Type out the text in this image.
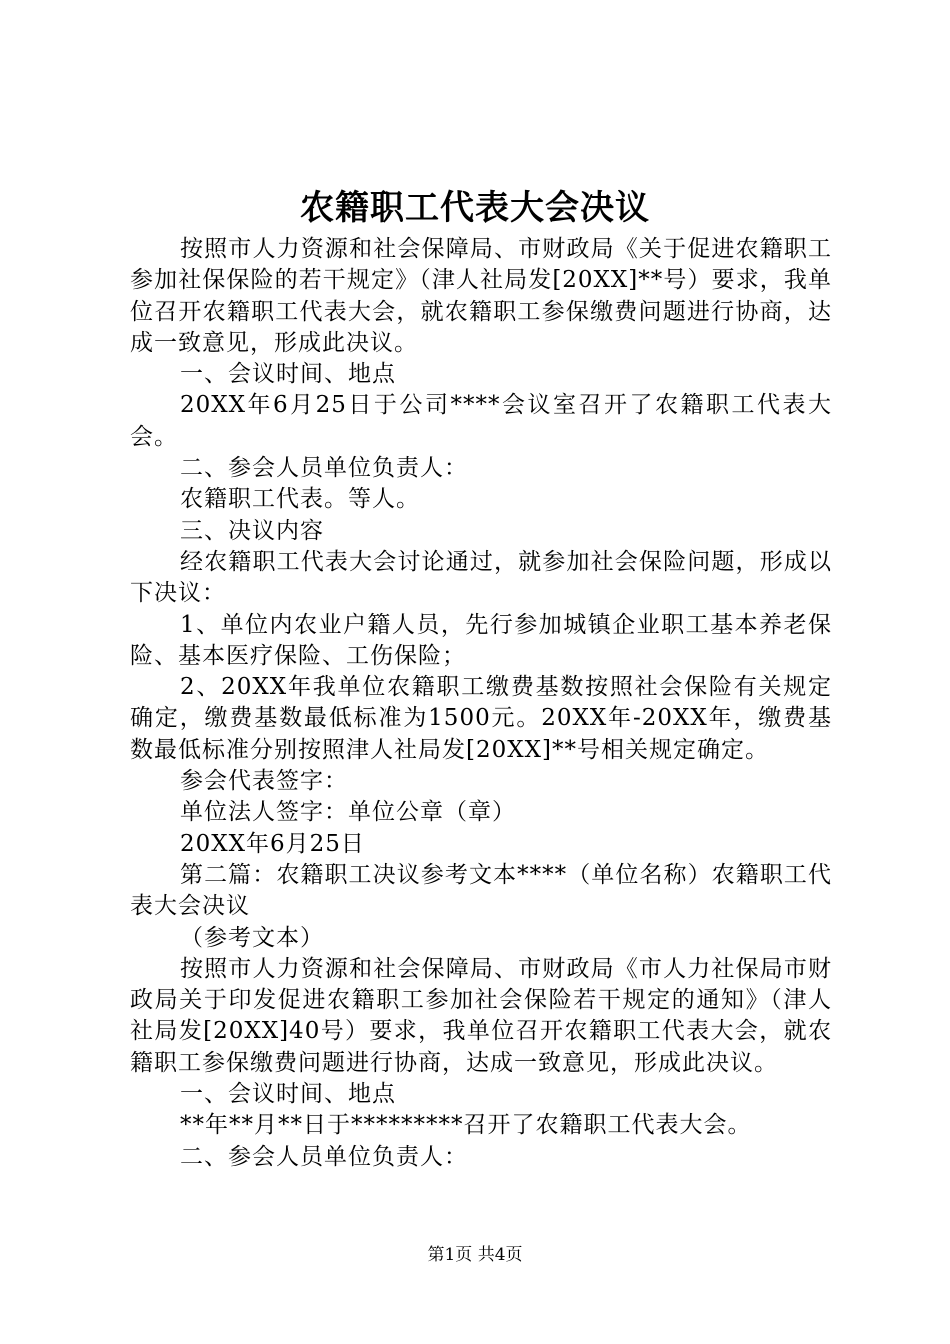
农籍职工代表大会决议

按照市人力资源和社会保障局、市财政局《关于促进农籍职工参加社保保险的若干规定》（津人社局发[20XX]**号）要求，我单位召开农籍职工代表大会，就农籍职工参保缴费问题进行协商，达成一致意见，形成此决议。

一、会议时间、地点

20XX年6月25日于公司****会议室召开了农籍职工代表大会。

二、参会人员单位负责人：

农籍职工代表。等人。

三、决议内容

经农籍职工代表大会讨论通过，就参加社会保险问题，形成以下决议：

1、单位内农业户籍人员，先行参加城镇企业职工基本养老保险、基本医疗保险、工伤保险；

2、20XX年我单位农籍职工缴费基数按照社会保险有关规定确定，缴费基数最低标准为1500元。20XX年-20XX年，缴费基数最低标准分别按照津人社局发[20XX]**号相关规定确定。

参会代表签字：

单位法人签字：单位公章（章）

20XX年6月25日

第二篇：农籍职工决议参考文本****（单位名称）农籍职工代表大会决议

（参考文本）

按照市人力资源和社会保障局、市财政局《市人力社保局市财政局关于印发促进农籍职工参加社会保险若干规定的通知》（津人社局发[20XX]40号）要求，我单位召开农籍职工代表大会，就农籍职工参保缴费问题进行协商，达成一致意见，形成此决议。

一、会议时间、地点

**年**月**日于*********召开了农籍职工代表大会。

二、参会人员单位负责人：

第1页 共4页
